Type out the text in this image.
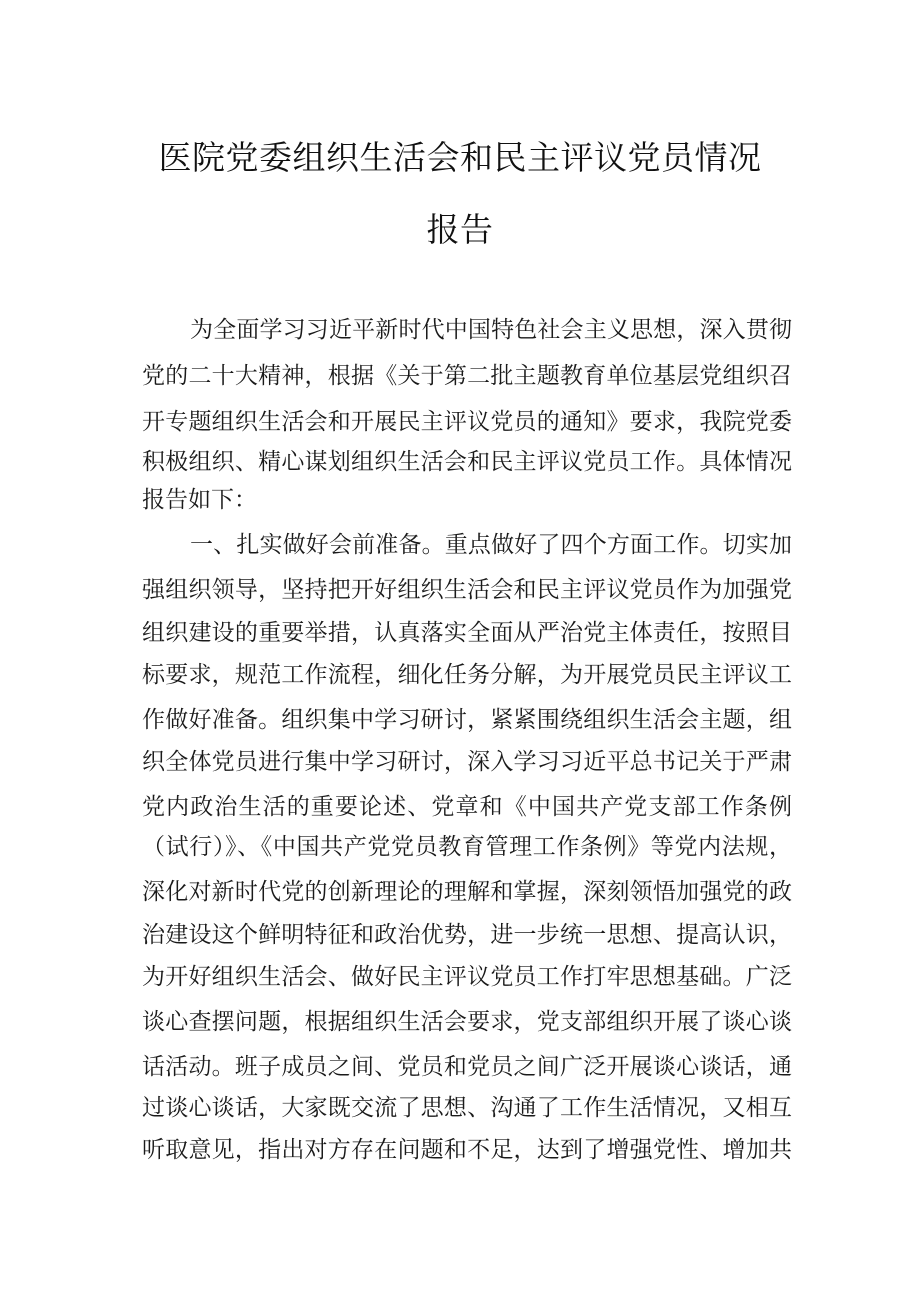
医院党委组织生活会和民主评议党员情况
报告
为全面学习习近平新时代中国特色社会主义思想，深入贯彻
党的二十大精神，根据《关于第二批主题教育单位基层党组织召
开专题组织生活会和开展民主评议党员的通知》要求，我院党委
积极组织、精心谋划组织生活会和民主评议党员工作。具体情况
报告如下：
一、扎实做好会前准备。重点做好了四个方面工作。切实加
强组织领导，坚持把开好组织生活会和民主评议党员作为加强党
组织建设的重要举措，认真落实全面从严治党主体责任，按照目
标要求，规范工作流程，细化任务分解，为开展党员民主评议工
作做好准备。组织集中学习研讨，紧紧围绕组织生活会主题，组
织全体党员进行集中学习研讨，深入学习习近平总书记关于严肃
党内政治生活的重要论述、党章和《中国共产党支部工作条例
（试行）》、《中国共产党党员教育管理工作条例》等党内法规，
深化对新时代党的创新理论的理解和掌握，深刻领悟加强党的政
治建设这个鲜明特征和政治优势，进一步统一思想、提高认识，
为开好组织生活会、做好民主评议党员工作打牢思想基础。广泛
谈心查摆问题，根据组织生活会要求，党支部组织开展了谈心谈
话活动。班子成员之间、党员和党员之间广泛开展谈心谈话，通
过谈心谈话，大家既交流了思想、沟通了工作生活情况，又相互
听取意见，指出对方存在问题和不足，达到了增强党性、增加共
